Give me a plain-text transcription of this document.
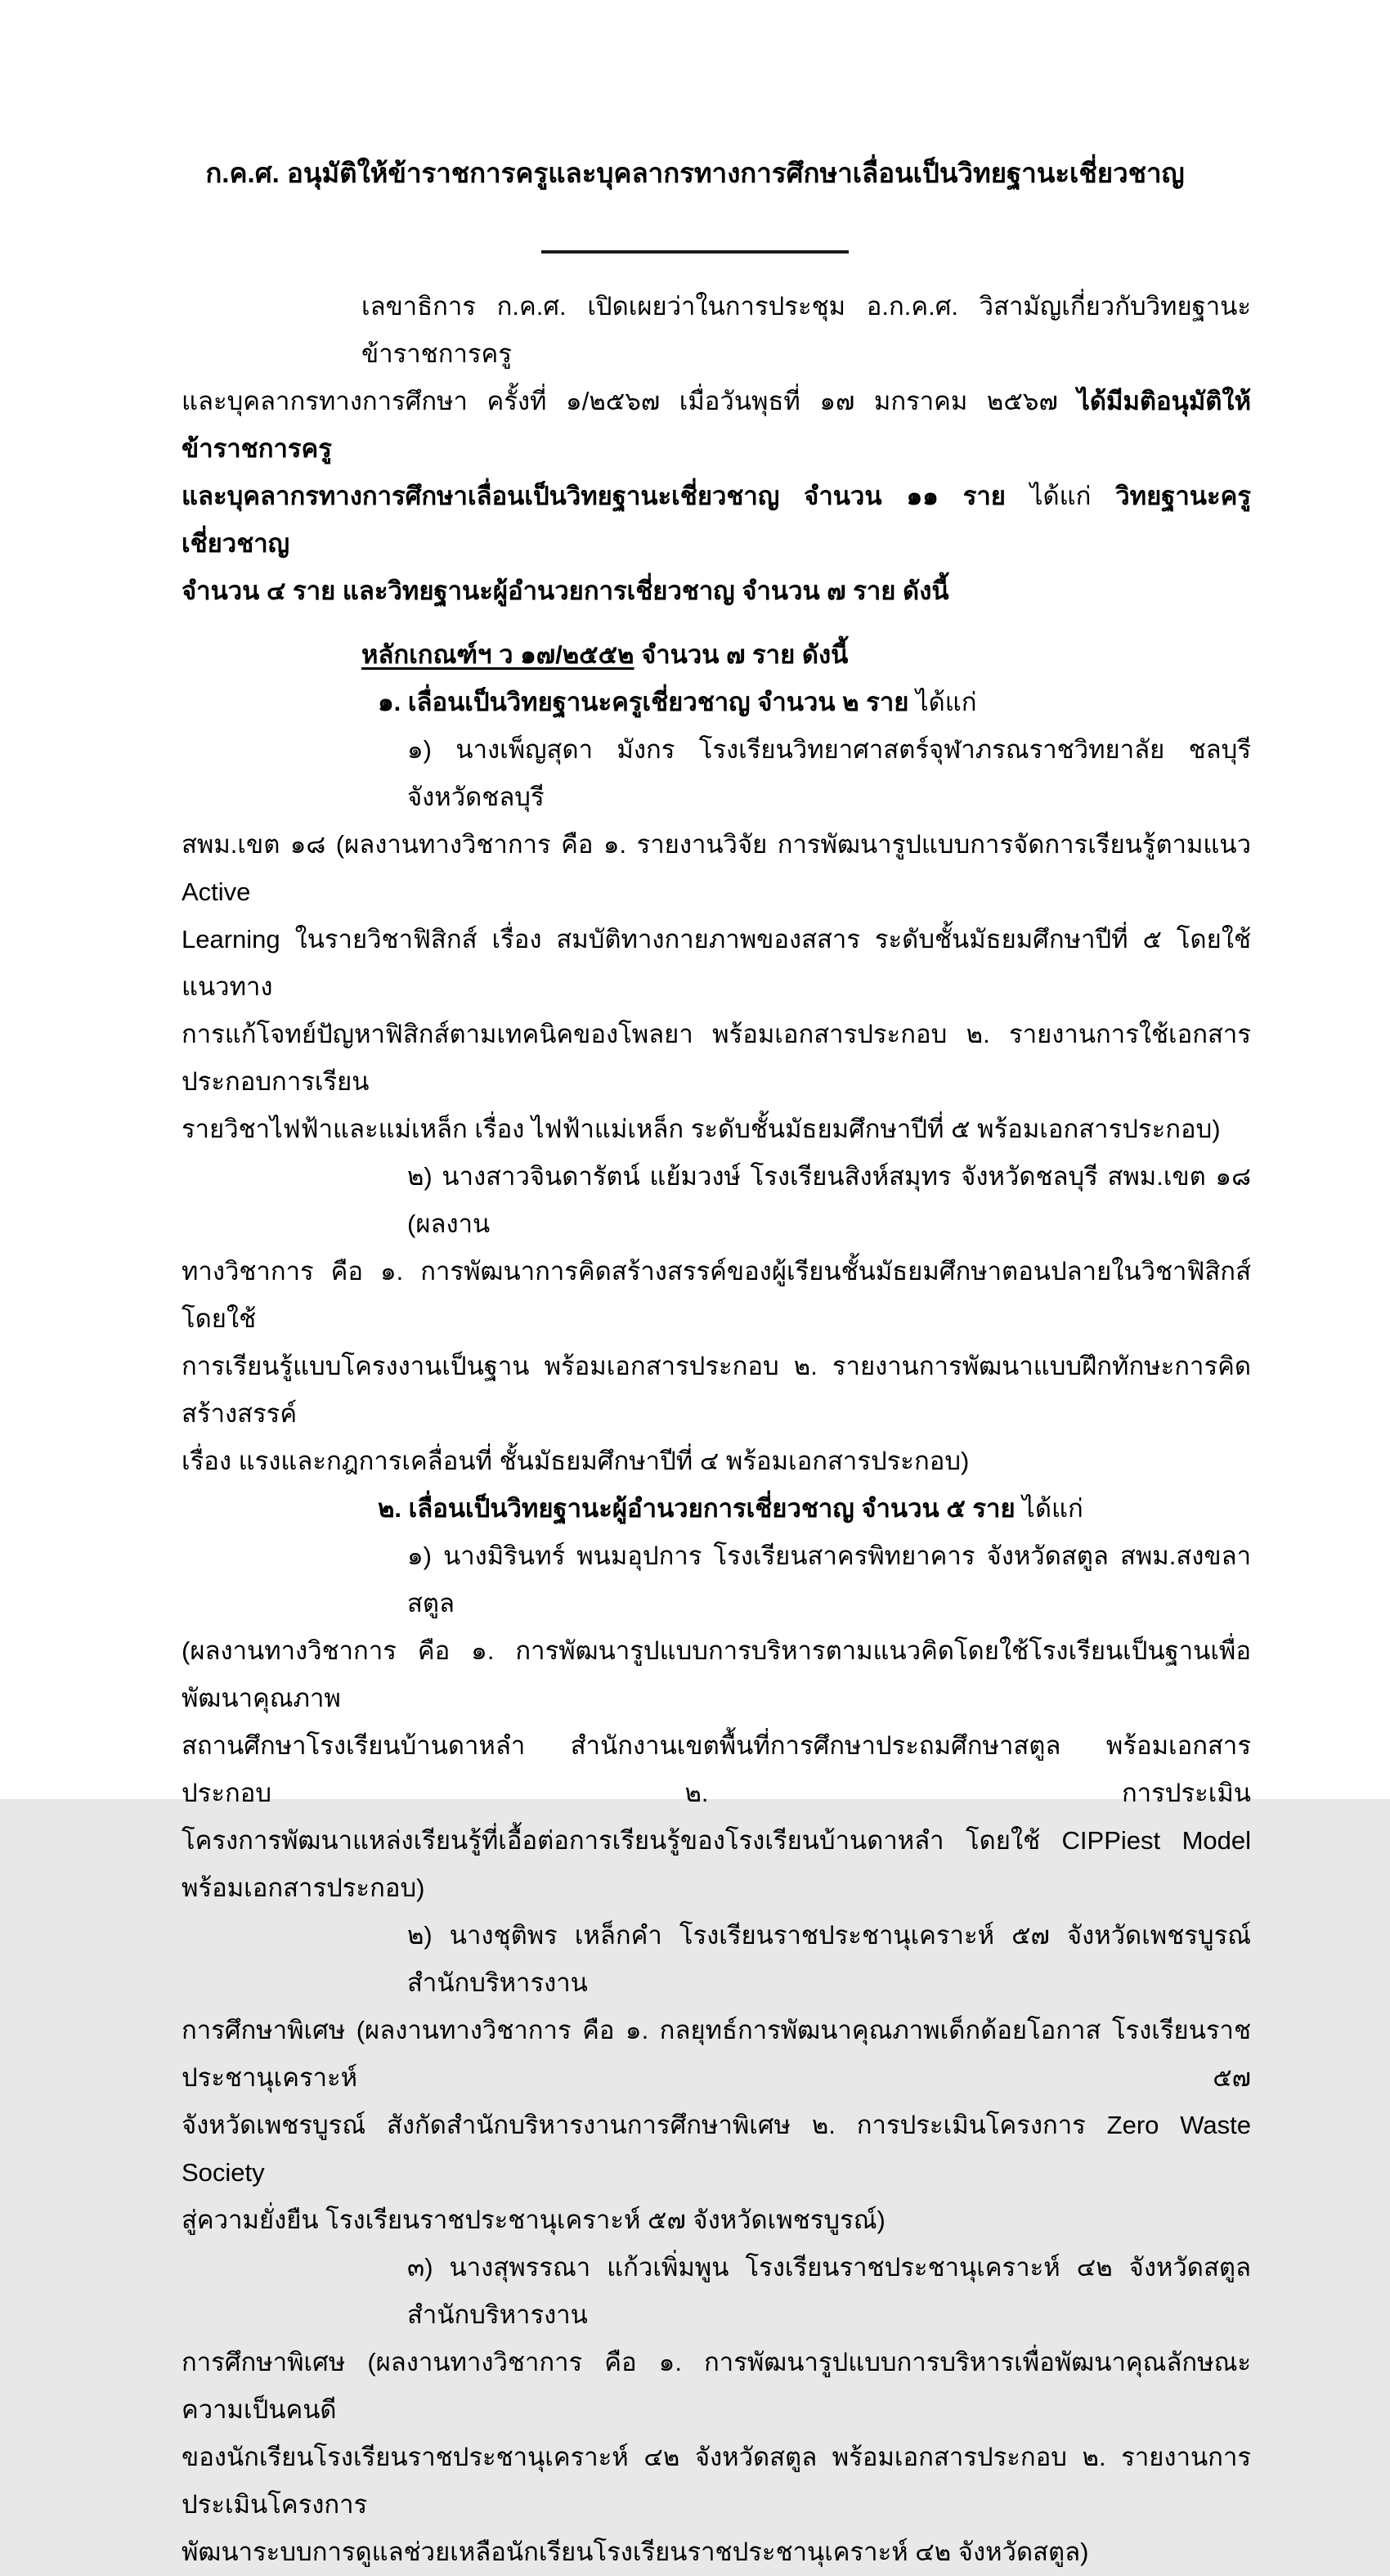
ก.ค.ศ. อนุมัติให้ข้าราชการครูและบุคลากรทางการศึกษาเลื่อนเป็นวิทยฐานะเชี่ยวชาญ
เลขาธิการ ก.ค.ศ. เปิดเผยว่าในการประชุม อ.ก.ค.ศ. วิสามัญเกี่ยวกับวิทยฐานะข้าราชการครู
และบุคลากรทางการศึกษา ครั้งที่ ๑/๒๕๖๗ เมื่อวันพุธที่ ๑๗ มกราคม ๒๕๖๗ ได้มีมติอนุมัติให้ข้าราชการครู
และบุคลากรทางการศึกษาเลื่อนเป็นวิทยฐานะเชี่ยวชาญ จำนวน ๑๑ ราย ได้แก่ วิทยฐานะครูเชี่ยวชาญ
จำนวน ๔ ราย และวิทยฐานะผู้อำนวยการเชี่ยวชาญ จำนวน ๗ ราย ดังนี้
หลักเกณฑ์ฯ ว ๑๗/๒๕๕๒ จำนวน ๗ ราย ดังนี้
๑. เลื่อนเป็นวิทยฐานะครูเชี่ยวชาญ จำนวน ๒ ราย ได้แก่
๑) นางเพ็ญสุดา มังกร โรงเรียนวิทยาศาสตร์จุฬาภรณราชวิทยาลัย ชลบุรี จังหวัดชลบุรี
สพม.เขต ๑๘ (ผลงานทางวิชาการ คือ ๑. รายงานวิจัย การพัฒนารูปแบบการจัดการเรียนรู้ตามแนว Active
Learning ในรายวิชาฟิสิกส์ เรื่อง สมบัติทางกายภาพของสสาร ระดับชั้นมัธยมศึกษาปีที่ ๕ โดยใช้แนวทาง
การแก้โจทย์ปัญหาฟิสิกส์ตามเทคนิคของโพลยา พร้อมเอกสารประกอบ ๒. รายงานการใช้เอกสารประกอบการเรียน
รายวิชาไฟฟ้าและแม่เหล็ก เรื่อง ไฟฟ้าแม่เหล็ก ระดับชั้นมัธยมศึกษาปีที่ ๕ พร้อมเอกสารประกอบ)
๒) นางสาวจินดารัตน์ แย้มวงษ์ โรงเรียนสิงห์สมุทร จังหวัดชลบุรี สพม.เขต ๑๘ (ผลงาน
ทางวิชาการ คือ ๑. การพัฒนาการคิดสร้างสรรค์ของผู้เรียนชั้นมัธยมศึกษาตอนปลายในวิชาฟิสิกส์ โดยใช้
การเรียนรู้แบบโครงงานเป็นฐาน พร้อมเอกสารประกอบ ๒. รายงานการพัฒนาแบบฝึกทักษะการคิดสร้างสรรค์
เรื่อง แรงและกฎการเคลื่อนที่ ชั้นมัธยมศึกษาปีที่ ๔ พร้อมเอกสารประกอบ)
๒. เลื่อนเป็นวิทยฐานะผู้อำนวยการเชี่ยวชาญ จำนวน ๕ ราย ได้แก่
๑) นางมิรินทร์ พนมอุปการ โรงเรียนสาครพิทยาคาร จังหวัดสตูล สพม.สงขลา สตูล
(ผลงานทางวิชาการ คือ ๑. การพัฒนารูปแบบการบริหารตามแนวคิดโดยใช้โรงเรียนเป็นฐานเพื่อพัฒนาคุณภาพ
สถานศึกษาโรงเรียนบ้านดาหลำ สำนักงานเขตพื้นที่การศึกษาประถมศึกษาสตูล พร้อมเอกสารประกอบ ๒. การประเมิน
โครงการพัฒนาแหล่งเรียนรู้ที่เอื้อต่อการเรียนรู้ของโรงเรียนบ้านดาหลำ โดยใช้ CIPPiest Model พร้อมเอกสารประกอบ)
๒) นางชุติพร เหล็กคำ โรงเรียนราชประชานุเคราะห์ ๕๗ จังหวัดเพชรบูรณ์ สำนักบริหารงาน
การศึกษาพิเศษ (ผลงานทางวิชาการ คือ ๑. กลยุทธ์การพัฒนาคุณภาพเด็กด้อยโอกาส โรงเรียนราชประชานุเคราะห์ ๕๗
จังหวัดเพชรบูรณ์ สังกัดสำนักบริหารงานการศึกษาพิเศษ ๒. การประเมินโครงการ Zero Waste Society
สู่ความยั่งยืน โรงเรียนราชประชานุเคราะห์ ๕๗ จังหวัดเพชรบูรณ์)
๓) นางสุพรรณา แก้วเพิ่มพูน โรงเรียนราชประชานุเคราะห์ ๔๒ จังหวัดสตูล สำนักบริหารงาน
การศึกษาพิเศษ (ผลงานทางวิชาการ คือ ๑. การพัฒนารูปแบบการบริหารเพื่อพัฒนาคุณลักษณะความเป็นคนดี
ของนักเรียนโรงเรียนราชประชานุเคราะห์ ๔๒ จังหวัดสตูล พร้อมเอกสารประกอบ ๒. รายงานการประเมินโครงการ
พัฒนาระบบการดูแลช่วยเหลือนักเรียนโรงเรียนราชประชานุเคราะห์ ๔๒ จังหวัดสตูล)
